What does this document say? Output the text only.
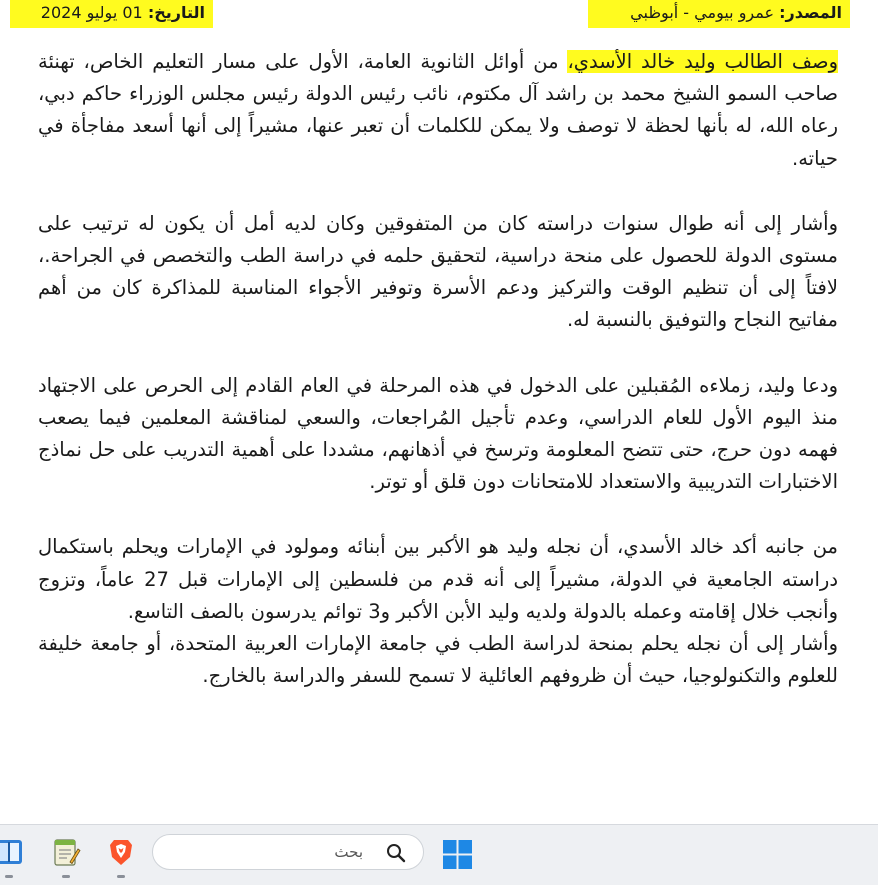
المصدر: عمرو بيومي - أبوظبي
التاريخ: 01 يوليو 2024

وصف الطالب وليد خالد الأسدي، من أوائل الثانوية العامة، الأول على مسار التعليم الخاص، تهنئة صاحب السمو الشيخ محمد بن راشد آل مكتوم، نائب رئيس الدولة رئيس مجلس الوزراء حاكم دبي، رعاه الله، له بأنها لحظة لا توصف ولا يمكن للكلمات أن تعبر عنها، مشيراً إلى أنها أسعد مفاجأة في حياته.

وأشار إلى أنه طوال سنوات دراسته كان من المتفوقين وكان لديه أمل أن يكون له ترتيب على مستوى الدولة للحصول على منحة دراسية، لتحقيق حلمه في دراسة الطب والتخصص في الجراحة.، لافتاً إلى أن تنظيم الوقت والتركيز ودعم الأسرة وتوفير الأجواء المناسبة للمذاكرة كان من أهم مفاتيح النجاح والتوفيق بالنسبة له.

ودعا وليد، زملاءه المُقبلين على الدخول في هذه المرحلة في العام القادم إلى الحرص على الاجتهاد منذ اليوم الأول للعام الدراسي، وعدم تأجيل المُراجعات، والسعي لمناقشة المعلمين فيما يصعب فهمه دون حرج، حتى تتضح المعلومة وترسخ في أذهانهم، مشددا على أهمية التدريب على حل نماذج الاختبارات التدريبية والاستعداد للامتحانات دون قلق أو توتر.

من جانبه أكد خالد الأسدي، أن نجله وليد هو الأكبر بين أبنائه ومولود في الإمارات ويحلم باستكمال دراسته الجامعية في الدولة، مشيراً إلى أنه قدم من فلسطين إلى الإمارات قبل 27 عاماً، وتزوج وأنجب خلال إقامته وعمله بالدولة ولديه وليد الأبن الأكبر و3 توائم يدرسون بالصف التاسع.

وأشار إلى أن نجله يحلم بمنحة لدراسة الطب في جامعة الإمارات العربية المتحدة، أو جامعة خليفة للعلوم والتكنولوجيا، حيث أن ظروفهم العائلية لا تسمح للسفر والدراسة بالخارج.

بحث
